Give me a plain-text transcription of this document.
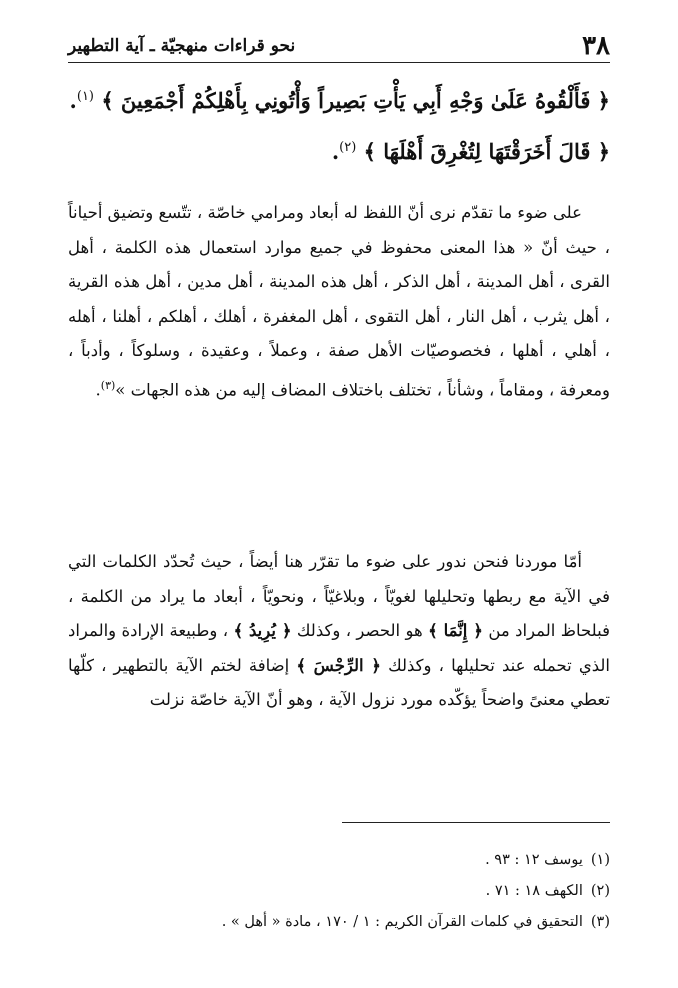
٣٨
نحو قراءات منهجيّة ـ آية التطهير
﴿ فَأَلْقُوهُ عَلَىٰ وَجْهِ أَبِي يَأْتِ بَصِيراً وَأْتُونِي بِأَهْلِكُمْ أَجْمَعِينَ ﴾ $^{(١)}$.
﴿ قَالَ أَخَرَقْتَهَا لِتُغْرِقَ أَهْلَهَا ﴾ $^{(٢)}$.

على ضوء ما تقدّم نرى أنّ اللفظ له أبعاد ومرامي خاصّة ، تتّسع وتضيق أحياناً ، حيث أنّ « هذا المعنى محفوظ في جميع موارد استعمال هذه الكلمة ، أهل القرى ، أهل المدينة ، أهل الذكر ، أهل هذه المدينة ، أهل مدين ، أهل هذه القرية ، أهل يثرب ، أهل النار ، أهل التقوى ، أهل المغفرة ، أهلك ، أهلكم ، أهلنا ، أهله ، أهلي ، أهلها ، فخصوصيّات الأهل صفة ، وعملاً ، وعقيدة ، وسلوكاً ، وأدباً ، ومعرفة ، ومقاماً ، وشأناً ، تختلف باختلاف المضاف إليه من هذه الجهات »$^{(٣)}$.

أمّا موردنا فنحن ندور على ضوء ما تقرّر هنا أيضاً ، حيث تُحدّد الكلمات التي في الآية مع ربطها وتحليلها لغويّاً ، وبلاغيّاً ، ونحويّاً ، أبعاد ما يراد من الكلمة ، فبلحاظ المراد من ﴿ إِنَّمَا ﴾ هو الحصر ، وكذلك ﴿ يُرِيدُ ﴾ ، وطبيعة الإرادة والمراد الذي تحمله عند تحليلها ، وكذلك ﴿ الرِّجْسَ ﴾ إضافة لختم الآية بالتطهير ، كلّها تعطي معنىً واضحاً يؤكّده مورد نزول الآية ، وهو أنّ الآية خاصّة نزلت

(١)يوسف ١٢ : ٩٣ .
(٢)الكهف ١٨ : ٧١ .
(٣)التحقيق في كلمات القرآن الكريم : ١ / ١٧٠ ، مادة « أهل » .
